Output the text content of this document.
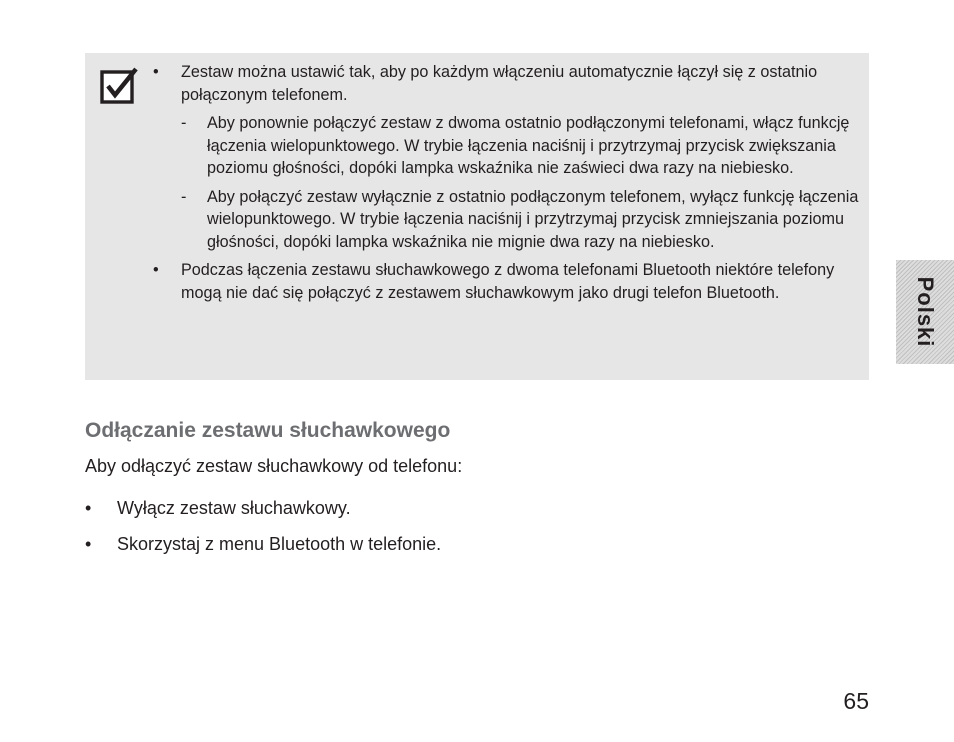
• Zestaw można ustawić tak, aby po każdym włączeniu automatycznie łączył się z ostatnio połączonym telefonem.
- Aby ponownie połączyć zestaw z dwoma ostatnio podłączonymi telefonami, włącz funkcję łączenia wielopunktowego. W trybie łączenia naciśnij i przytrzymaj przycisk zwiększania poziomu głośności, dopóki lampka wskaźnika nie zaświeci dwa razy na niebiesko.
- Aby połączyć zestaw wyłącznie z ostatnio podłączonym telefonem, wyłącz funkcję łączenia wielopunktowego. W trybie łączenia naciśnij i przytrzymaj przycisk zmniejszania poziomu głośności, dopóki lampka wskaźnika nie mignie dwa razy na niebiesko.
• Podczas łączenia zestawu słuchawkowego z dwoma telefonami Bluetooth niektóre telefony mogą nie dać się połączyć z zestawem słuchawkowym jako drugi telefon Bluetooth.
Odłączanie zestawu słuchawkowego
Aby odłączyć zestaw słuchawkowy od telefonu:
• Wyłącz zestaw słuchawkowy.
• Skorzystaj z menu Bluetooth w telefonie.
Polski
65
